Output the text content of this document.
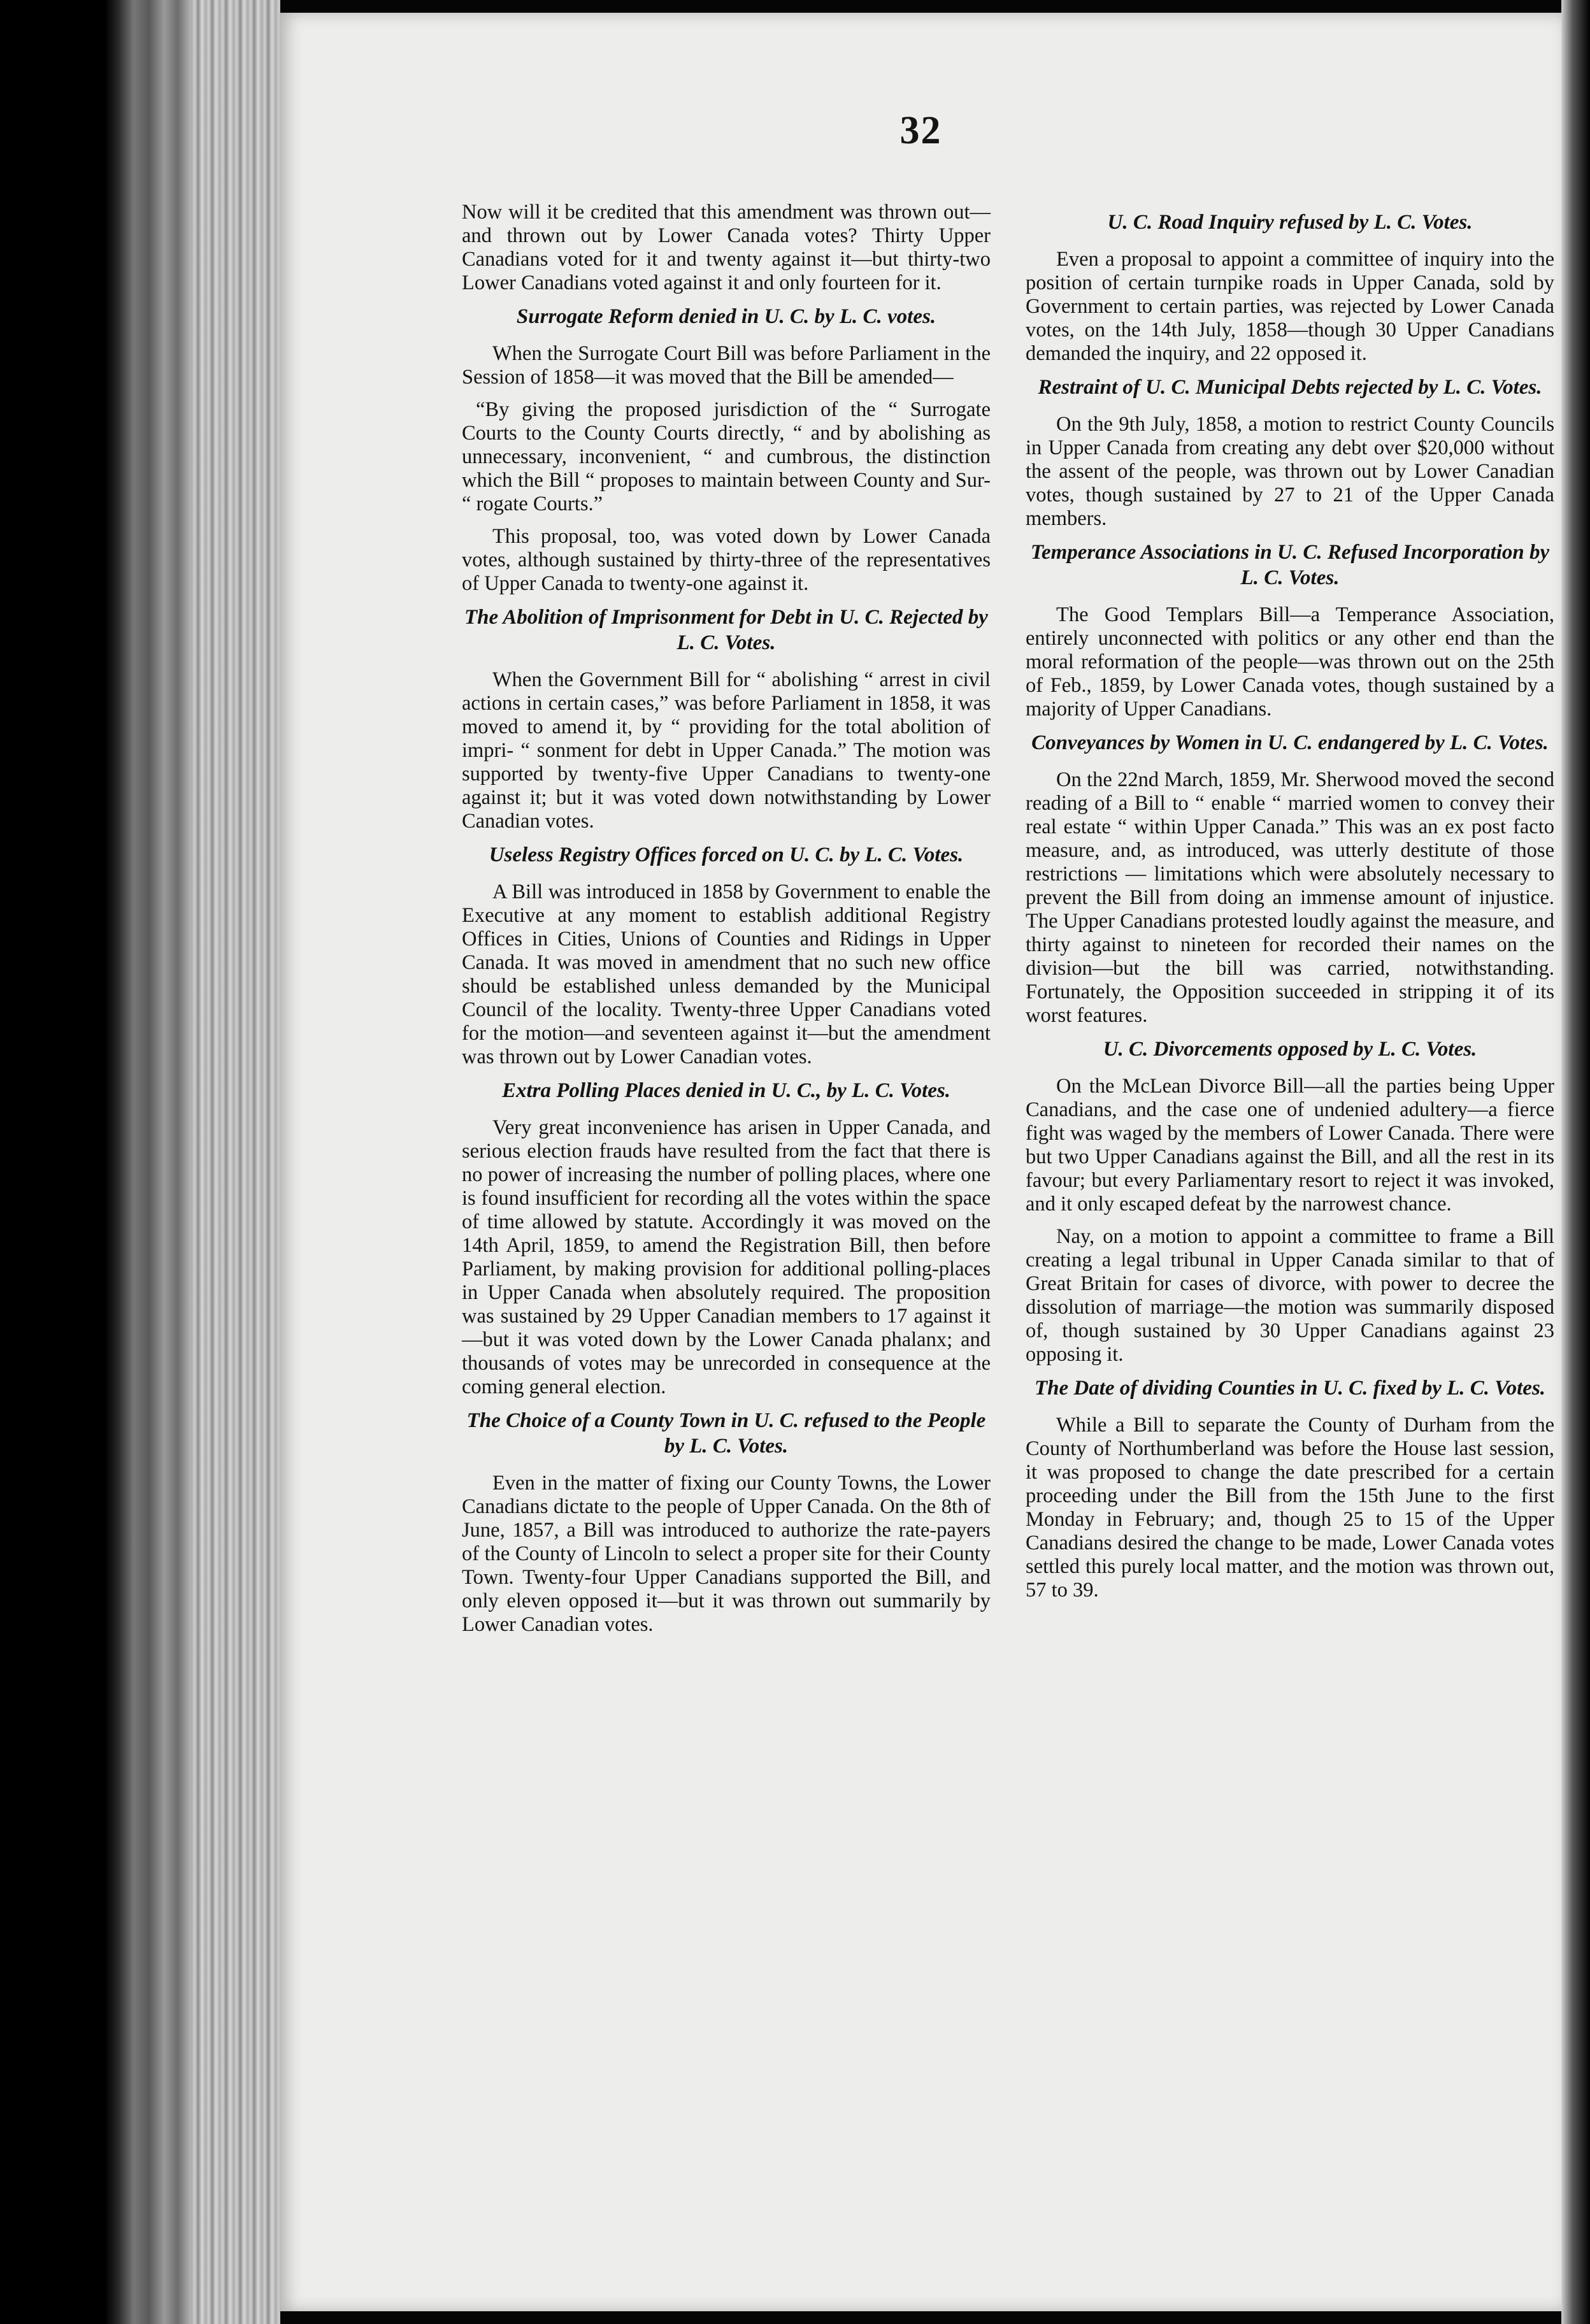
32

Now will it be credited that this amendment was thrown out—and thrown out by Lower Canada votes? Thirty Upper Canadians voted for it and twenty against it—but thirty-two Lower Canadians voted against it and only fourteen for it.

Surrogate Reform denied in U. C. by L. C. votes.

When the Surrogate Court Bill was before Parliament in the Session of 1858—it was moved that the Bill be amended—

“By giving the proposed jurisdiction of the “ Surrogate Courts to the County Courts directly, “ and by abolishing as unnecessary, inconvenient, “ and cumbrous, the distinction which the Bill “ proposes to maintain between County and Sur- “ rogate Courts.”

This proposal, too, was voted down by Lower Canada votes, although sustained by thirty-three of the representatives of Upper Canada to twenty-one against it.

The Abolition of Imprisonment for Debt in U. C. Rejected by L. C. Votes.

When the Government Bill for “ abolishing “ arrest in civil actions in certain cases,” was before Parliament in 1858, it was moved to amend it, by “ providing for the total abolition of impri- “ sonment for debt in Upper Canada.” The motion was supported by twenty-five Upper Canadians to twenty-one against it; but it was voted down notwithstanding by Lower Canadian votes.

Useless Registry Offices forced on U. C. by L. C. Votes.

A Bill was introduced in 1858 by Government to enable the Executive at any moment to establish additional Registry Offices in Cities, Unions of Counties and Ridings in Upper Canada. It was moved in amendment that no such new office should be established unless demanded by the Municipal Council of the locality. Twenty-three Upper Canadians voted for the motion—and seventeen against it—but the amendment was thrown out by Lower Canadian votes.

Extra Polling Places denied in U. C., by L. C. Votes.

Very great inconvenience has arisen in Upper Canada, and serious election frauds have resulted from the fact that there is no power of increasing the number of polling places, where one is found insufficient for recording all the votes within the space of time allowed by statute. Accordingly it was moved on the 14th April, 1859, to amend the Registration Bill, then before Parliament, by making provision for additional polling-places in Upper Canada when absolutely required. The proposition was sustained by 29 Upper Canadian members to 17 against it—but it was voted down by the Lower Canada phalanx; and thousands of votes may be unrecorded in consequence at the coming general election.

The Choice of a County Town in U. C. refused to the People by L. C. Votes.

Even in the matter of fixing our County Towns, the Lower Canadians dictate to the people of Upper Canada. On the 8th of June, 1857, a Bill was introduced to authorize the rate-payers of the County of Lincoln to select a proper site for their County Town. Twenty-four Upper Canadians supported the Bill, and only eleven opposed it—but it was thrown out summarily by Lower Canadian votes.

U. C. Road Inquiry refused by L. C. Votes.

Even a proposal to appoint a committee of inquiry into the position of certain turnpike roads in Upper Canada, sold by Government to certain parties, was rejected by Lower Canada votes, on the 14th July, 1858—though 30 Upper Canadians demanded the inquiry, and 22 opposed it.

Restraint of U. C. Municipal Debts rejected by L. C. Votes.

On the 9th July, 1858, a motion to restrict County Councils in Upper Canada from creating any debt over $20,000 without the assent of the people, was thrown out by Lower Canadian votes, though sustained by 27 to 21 of the Upper Canada members.

Temperance Associations in U. C. Refused Incorporation by L. C. Votes.

The Good Templars Bill—a Temperance Association, entirely unconnected with politics or any other end than the moral reformation of the people—was thrown out on the 25th of Feb., 1859, by Lower Canada votes, though sustained by a majority of Upper Canadians.

Conveyances by Women in U. C. endangered by L. C. Votes.

On the 22nd March, 1859, Mr. Sherwood moved the second reading of a Bill to “ enable “ married women to convey their real estate “ within Upper Canada.” This was an ex post facto measure, and, as introduced, was utterly destitute of those restrictions — limitations which were absolutely necessary to prevent the Bill from doing an immense amount of injustice. The Upper Canadians protested loudly against the measure, and thirty against to nineteen for recorded their names on the division—but the bill was carried, notwithstanding. Fortunately, the Opposition succeeded in stripping it of its worst features.

U. C. Divorcements opposed by L. C. Votes.

On the McLean Divorce Bill—all the parties being Upper Canadians, and the case one of undenied adultery—a fierce fight was waged by the members of Lower Canada. There were but two Upper Canadians against the Bill, and all the rest in its favour; but every Parliamentary resort to reject it was invoked, and it only escaped defeat by the narrowest chance.

Nay, on a motion to appoint a committee to frame a Bill creating a legal tribunal in Upper Canada similar to that of Great Britain for cases of divorce, with power to decree the dissolution of marriage—the motion was summarily disposed of, though sustained by 30 Upper Canadians against 23 opposing it.

The Date of dividing Counties in U. C. fixed by L. C. Votes.

While a Bill to separate the County of Durham from the County of Northumberland was before the House last session, it was proposed to change the date prescribed for a certain proceeding under the Bill from the 15th June to the first Monday in February; and, though 25 to 15 of the Upper Canadians desired the change to be made, Lower Canada votes settled this purely local matter, and the motion was thrown out, 57 to 39.
